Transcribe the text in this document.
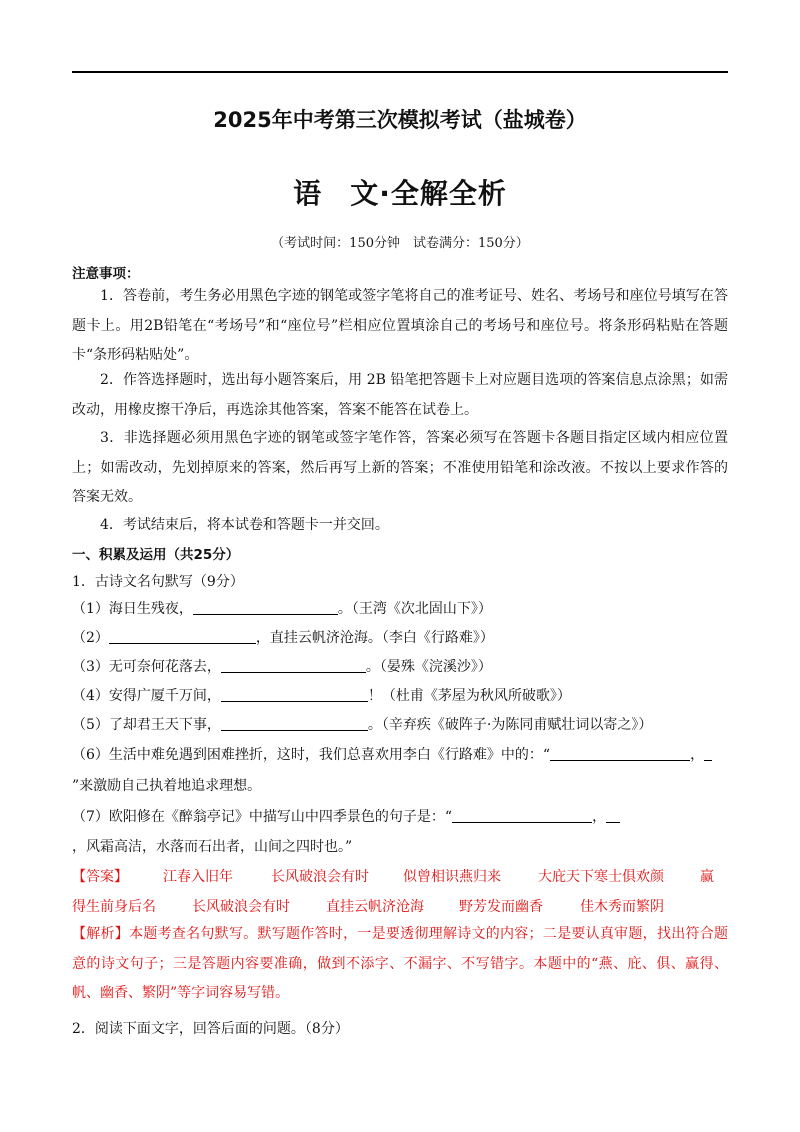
2025年中考第三次模拟考试（盐城卷）
语 文·全解全析
（考试时间：150分钟　试卷满分：150分）
注意事项：
1．答卷前，考生务必用黑色字迹的钢笔或签字笔将自己的准考证号、姓名、考场号和座位号填写在答题卡上。用2B铅笔在“考场号”和“座位号”栏相应位置填涂自己的考场号和座位号。将条形码粘贴在答题卡“条形码粘贴处”。
2．作答选择题时，选出每小题答案后，用 2B 铅笔把答题卡上对应题目选项的答案信息点涂黑；如需改动，用橡皮擦干净后，再选涂其他答案，答案不能答在试卷上。
3．非选择题必须用黑色字迹的钢笔或签字笔作答，答案必须写在答题卡各题目指定区域内相应位置上；如需改动，先划掉原来的答案，然后再写上新的答案；不准使用铅笔和涂改液。不按以上要求作答的答案无效。
4．考试结束后，将本试卷和答题卡一并交回。
一、积累及运用（共25分）
1．古诗文名句默写（9分）
（1）海日生残夜，	。（王湾《次北固山下》）
（2）	，直挂云帆济沧海。（李白《行路难》）
（3）无可奈何花落去，	。（晏殊《浣溪沙》）
（4）安得广厦千万间，	！（杜甫《茅屋为秋风所破歌》）
（5）了却君王天下事，	。（辛弃疾《破阵子·为陈同甫赋壮词以寄之》）
（6）生活中难免遇到困难挫折，这时，我们总喜欢用李白《行路难》中的：“	，
”来激励自己执着地追求理想。
（7）欧阳修在《醉翁亭记》中描写山中四季景色的句子是：“	，
，风霜高洁，水落而石出者，山间之四时也。”
【答案】	江春入旧年	长风破浪会有时 似曾相识燕归来	大庇天下寒士俱欢颜	赢
得生前身后名	长风破浪会有时	直挂云帆济沧海	野芳发而幽香	佳木秀而繁阴
【解析】本题考查名句默写。默写题作答时，一是要透彻理解诗文的内容；二是要认真审题，找出符合题意的诗文句子；三是答题内容要准确，做到不添字、不漏字、不写错字。本题中的“燕、庇、俱、赢得、帆、幽香、繁阴”等字词容易写错。
2．阅读下面文字，回答后面的问题。（8分）
